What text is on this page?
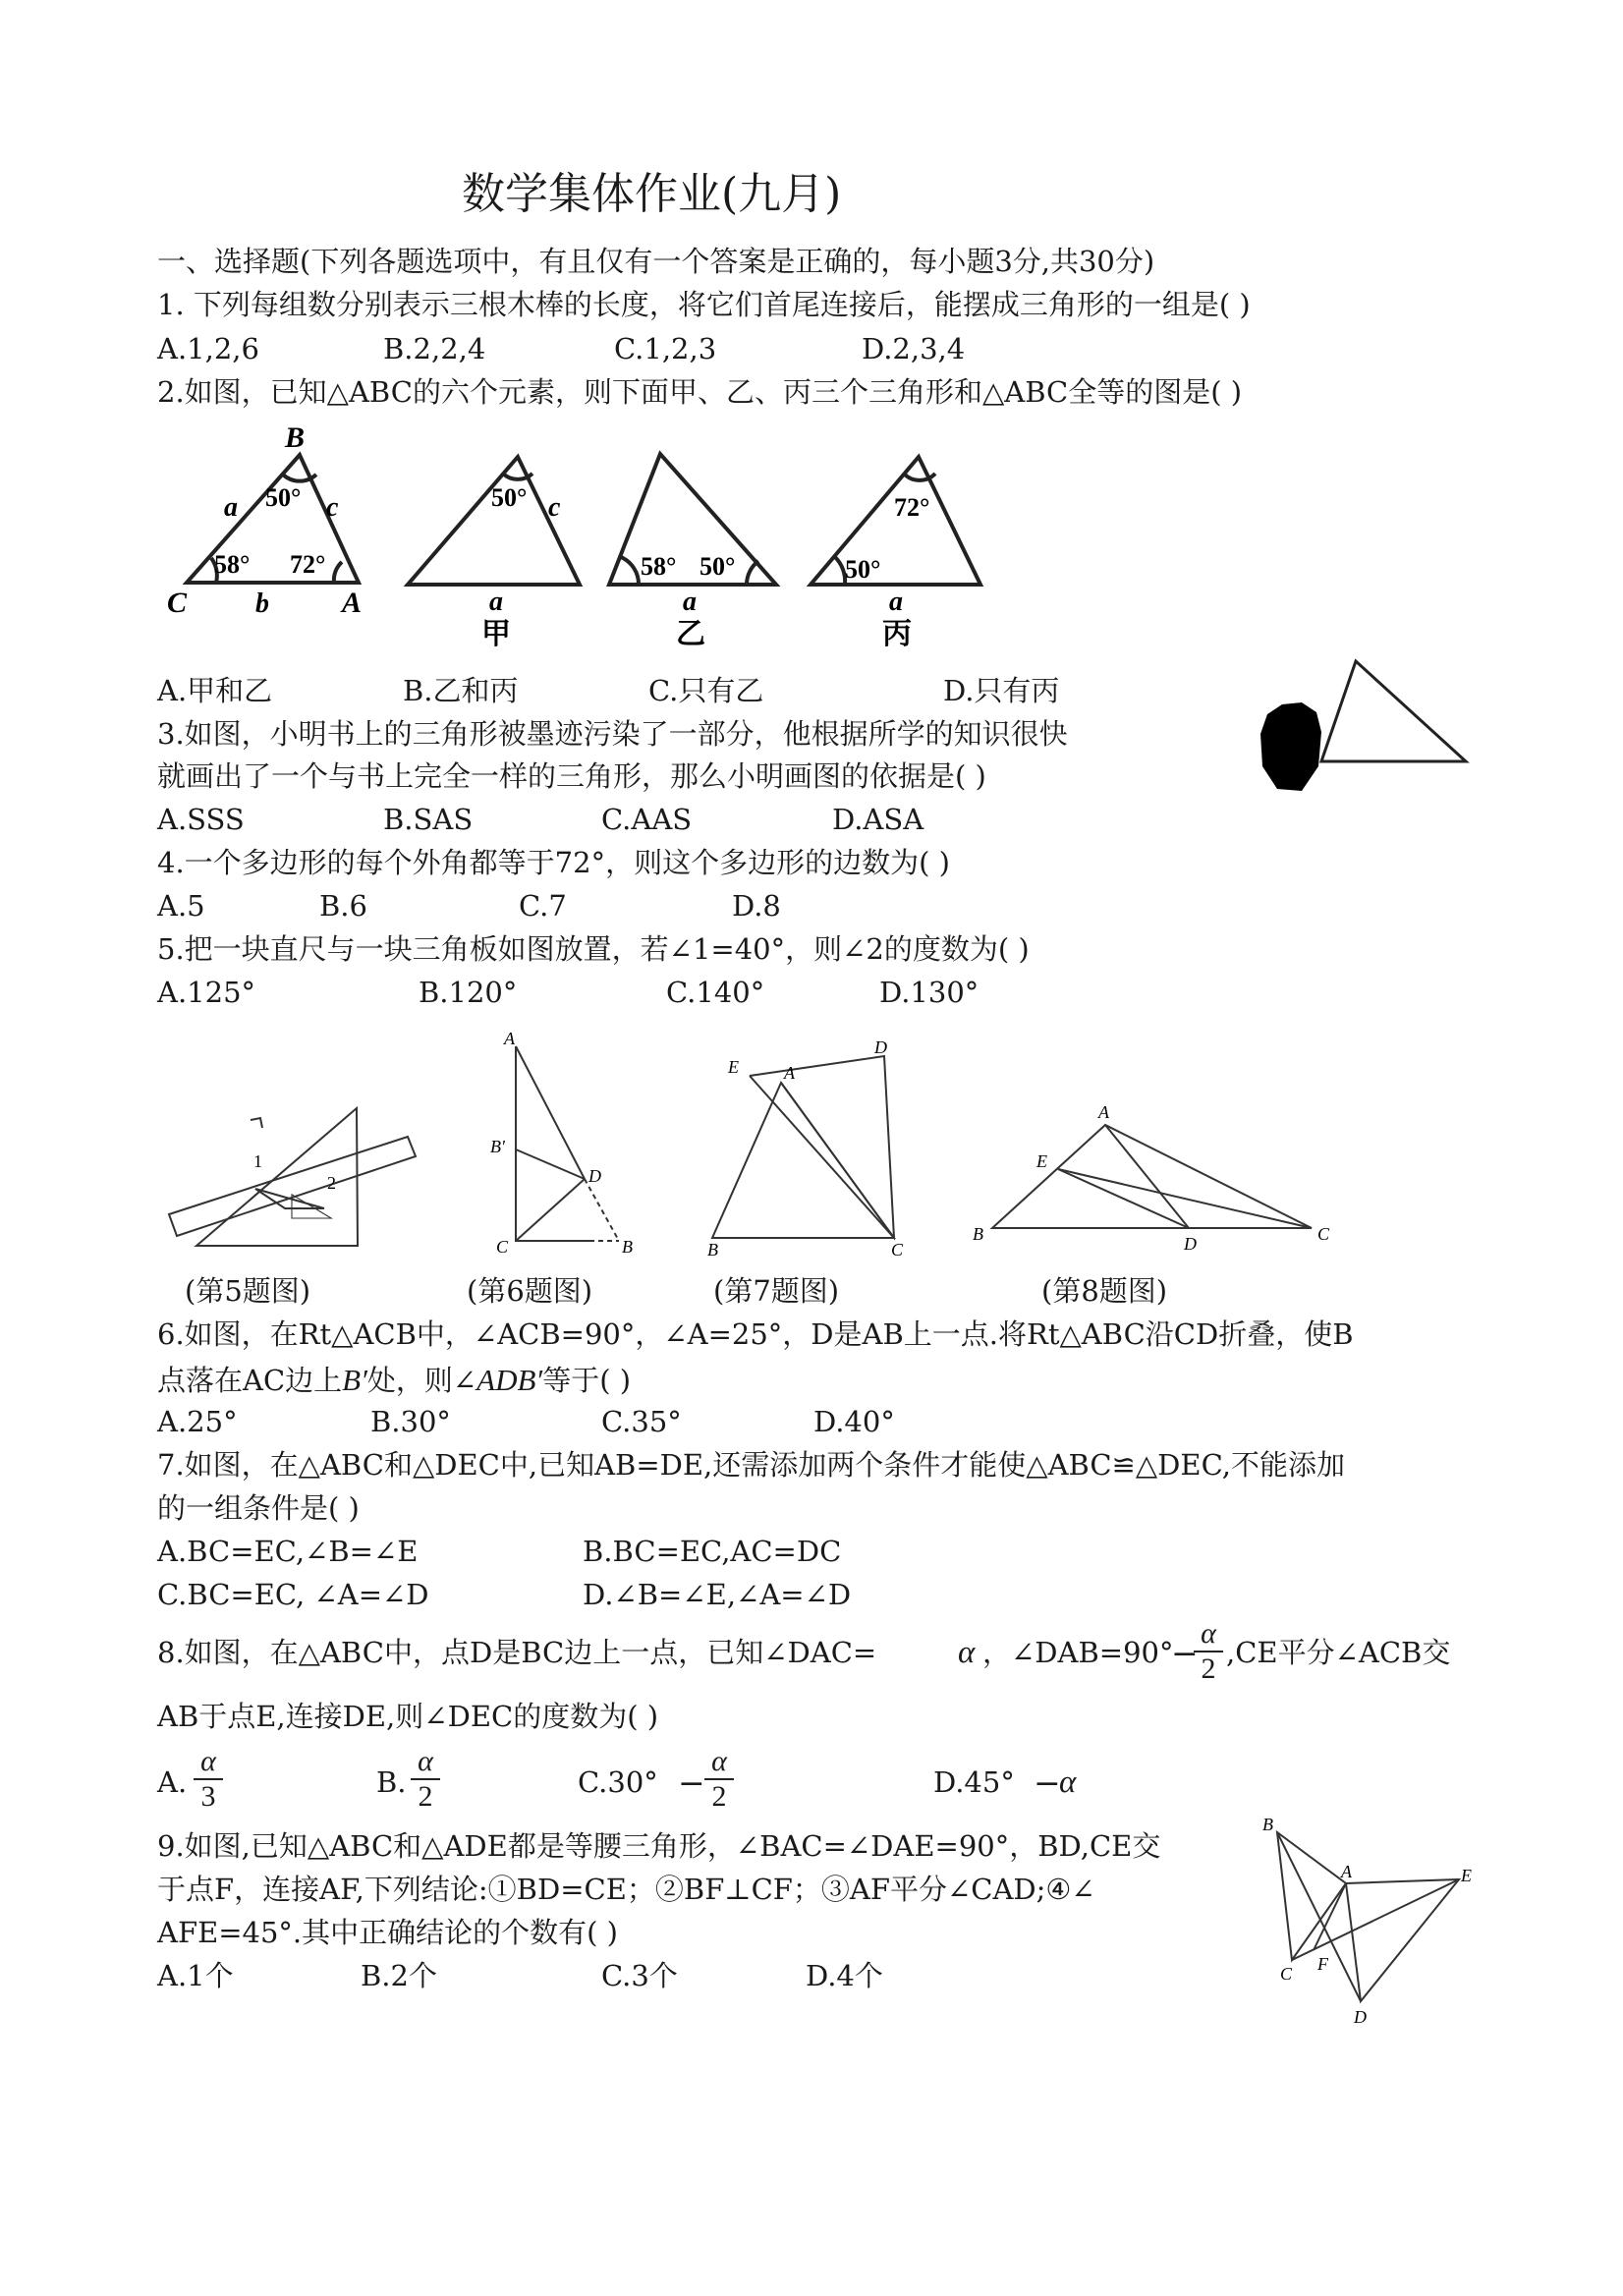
数学集体作业(九月)
一、选择题(下列各题选项中，有且仅有一个答案是正确的，每小题3分,共30分)
1. 下列每组数分别表示三根木棒的长度，将它们首尾连接后，能摆成三角形的一组是( )
A.1,2,6	B.2,2,4	C.1,2,3	D.2,3,4
2.如图，已知△ABC的六个元素，则下面甲、乙、丙三个三角形和△ABC全等的图是( )
B
50°
a	c
58° 72°
C b A
50° c
a
甲
58° 50°
a
乙
72°
50°
a
丙
A.甲和乙	B.乙和丙	C.只有乙	D.只有丙
3.如图，小明书上的三角形被墨迹污染了一部分，他根据所学的知识很快
就画出了一个与书上完全一样的三角形，那么小明画图的依据是( )
A.SSS	B.SAS	C.AAS	D.ASA
4.一个多边形的每个外角都等于72°，则这个多边形的边数为( )
A.5	B.6	C.7	D.8
5.把一块直尺与一块三角板如图放置，若∠1=40°，则∠2的度数为( )
A.125°	B.120°	C.140°	D.130°
1
2
A
B′
D
C	B
D
E	A
B	C
A
E
B	D	C
(第5题图)	(第6题图)	(第7题图)	(第8题图)
6.如图，在Rt△ACB中，∠ACB=90°，∠A=25°，D是AB上一点.将Rt△ABC沿CD折叠，使B
点落在AC边上B′处，则∠ADB′等于( )
A.25°	B.30°	C.35°	D.40°
7.如图，在△ABC和△DEC中,已知AB=DE,还需添加两个条件才能使△ABC≌△DEC,不能添加
的一组条件是( )
A.BC=EC,∠B=∠E	B.BC=EC,AC=DC
C.BC=EC, ∠A=∠D	D.∠B=∠E,∠A=∠D
8.如图，在△ABC中，点D是BC边上一点，已知∠DAC=	α ，∠DAB=90°
−
α
2 ,CE平分∠ACB交
AB于点E,连接DE,则∠DEC的度数为( )
A.
α
3	B.
α
2	C.30° −
α
2	D.45° −
α
9.如图,已知△ABC和△ADE都是等腰三角形，∠BAC=∠DAE=90°，BD,CE交
于点F，连接AF,下列结论:①BD=CE；②BF⊥CF；③AF平分∠CAD;④∠
AFE=45°.其中正确结论的个数有( )
A.1个	B.2个	C.3个	D.4个
B
A	E
C F
D
